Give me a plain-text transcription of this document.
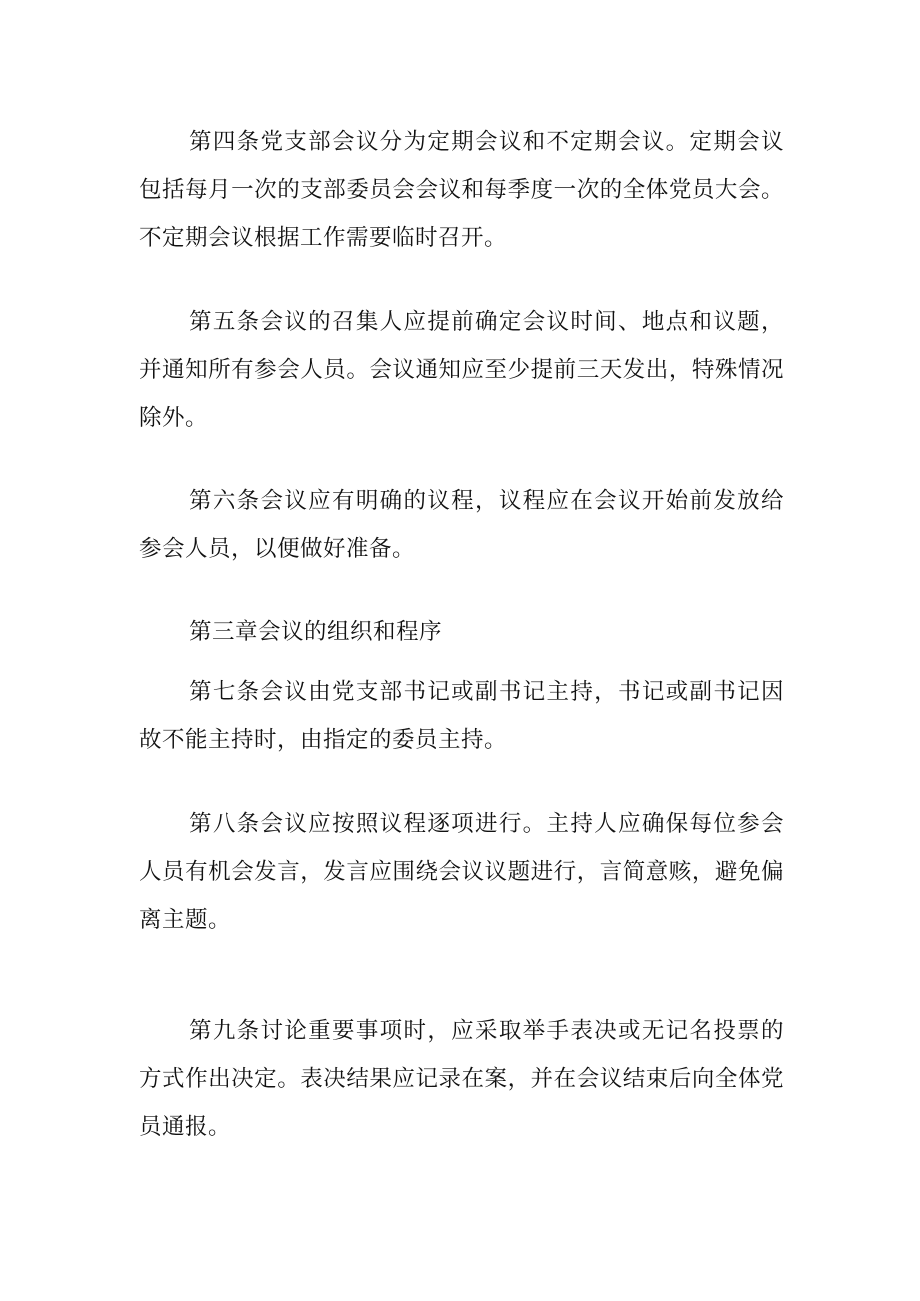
第四条党支部会议分为定期会议和不定期会议。定期会议包括每月一次的支部委员会会议和每季度一次的全体党员大会。不定期会议根据工作需要临时召开。

第五条会议的召集人应提前确定会议时间、地点和议题，并通知所有参会人员。会议通知应至少提前三天发出，特殊情况除外。

第六条会议应有明确的议程，议程应在会议开始前发放给参会人员，以便做好准备。

第三章会议的组织和程序

第七条会议由党支部书记或副书记主持，书记或副书记因故不能主持时，由指定的委员主持。

第八条会议应按照议程逐项进行。主持人应确保每位参会人员有机会发言，发言应围绕会议议题进行，言简意赅，避免偏离主题。

第九条讨论重要事项时，应采取举手表决或无记名投票的方式作出决定。表决结果应记录在案，并在会议结束后向全体党员通报。
